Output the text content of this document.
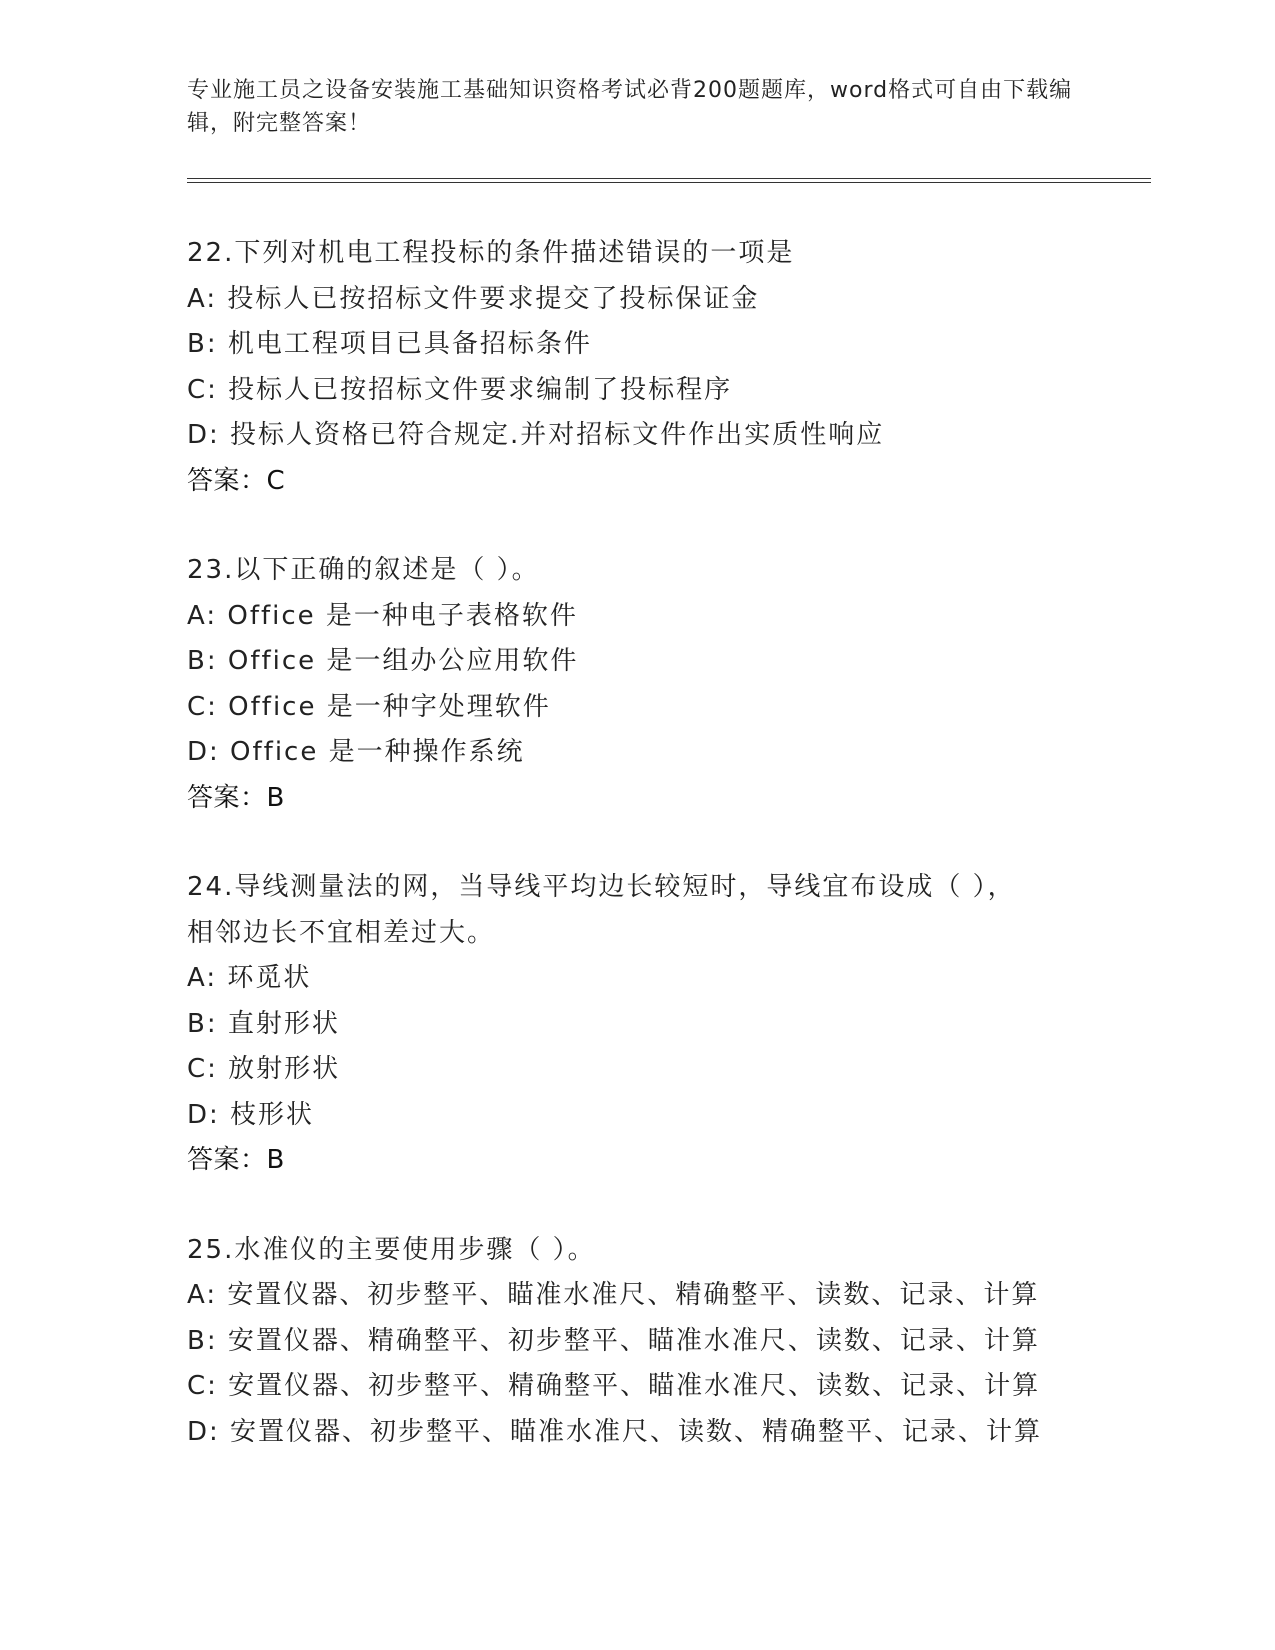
专业施工员之设备安装施工基础知识资格考试必背200题题库，word格式可自由下载编辑，附完整答案！
22.下列对机电工程投标的条件描述错误的一项是
A: 投标人已按招标文件要求提交了投标保证金
B: 机电工程项目已具备招标条件
C: 投标人已按招标文件要求编制了投标程序
D: 投标人资格已符合规定.并对招标文件作出实质性响应
答案：C
23.以下正确的叙述是（ ）。
A: Office 是一种电子表格软件
B: Office 是一组办公应用软件
C: Office 是一种字处理软件
D: Office 是一种操作系统
答案：B
24.导线测量法的网，当导线平均边长较短时，导线宜布设成（ ），相邻边长不宜相差过大。
A: 环觅状
B: 直射形状
C: 放射形状
D: 枝形状
答案：B
25.水准仪的主要使用步骤（ ）。
A: 安置仪器、初步整平、瞄准水准尺、精确整平、读数、记录、计算
B: 安置仪器、精确整平、初步整平、瞄准水准尺、读数、记录、计算
C: 安置仪器、初步整平、精确整平、瞄准水准尺、读数、记录、计算
D: 安置仪器、初步整平、瞄准水准尺、读数、精确整平、记录、计算
